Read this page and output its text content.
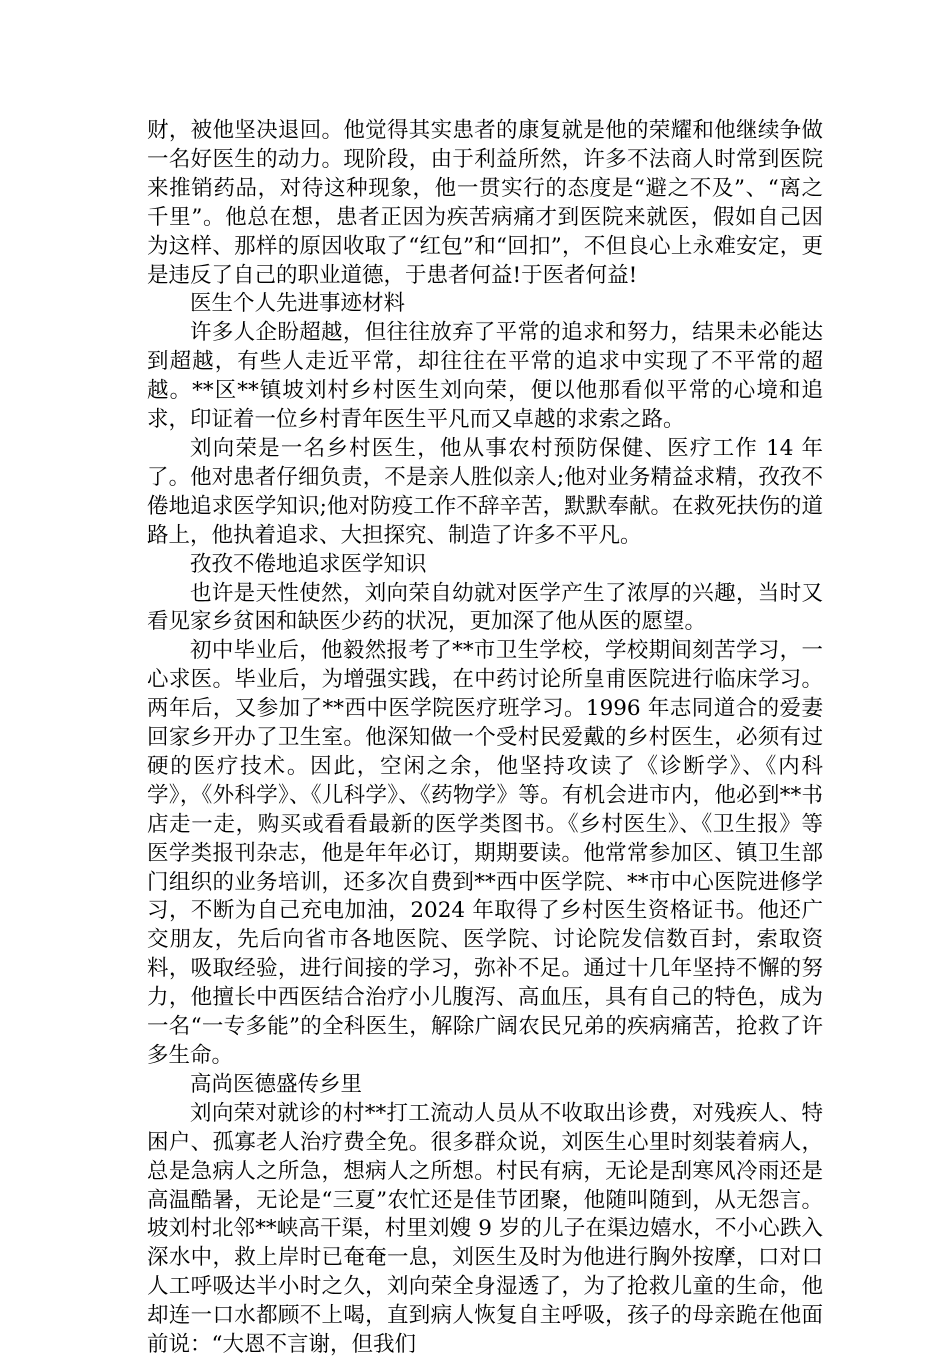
财，被他坚决退回。他觉得其实患者的康复就是他的荣耀和他继续争做一名好医生的动力。现阶段，由于利益所然，许多不法商人时常到医院来推销药品，对待这种现象，他一贯实行的态度是“避之不及”、“离之千里”。他总在想，患者正因为疾苦病痛才到医院来就医，假如自己因为这样、那样的原因收取了“红包”和“回扣”，不但良心上永难安定，更是违反了自己的职业道德，于患者何益!于医者何益!

医生个人先进事迹材料

许多人企盼超越，但往往放弃了平常的追求和努力，结果未必能达到超越，有些人走近平常，却往往在平常的追求中实现了不平常的超越。**区**镇坡刘村乡村医生刘向荣，便以他那看似平常的心境和追求，印证着一位乡村青年医生平凡而又卓越的求索之路。

刘向荣是一名乡村医生，他从事农村预防保健、医疗工作 14 年了。他对患者仔细负责，不是亲人胜似亲人;他对业务精益求精，孜孜不倦地追求医学知识;他对防疫工作不辞辛苦，默默奉献。在救死扶伤的道路上，他执着追求、大担探究、制造了许多不平凡。

孜孜不倦地追求医学知识

也许是天性使然，刘向荣自幼就对医学产生了浓厚的兴趣，当时又看见家乡贫困和缺医少药的状况，更加深了他从医的愿望。

初中毕业后，他毅然报考了**市卫生学校，学校期间刻苦学习，一心求医。毕业后，为增强实践，在中药讨论所皇甫医院进行临床学习。两年后，又参加了**西中医学院医疗班学习。1996 年志同道合的爱妻回家乡开办了卫生室。他深知做一个受村民爱戴的乡村医生，必须有过硬的医疗技术。因此，空闲之余，他坚持攻读了《诊断学》、《内科学》，《外科学》、《儿科学》、《药物学》等。有机会进市内，他必到**书店走一走，购买或看看最新的医学类图书。《乡村医生》、《卫生报》等医学类报刊杂志，他是年年必订，期期要读。他常常参加区、镇卫生部门组织的业务培训，还多次自费到**西中医学院、**市中心医院进修学习，不断为自己充电加油，2024 年取得了乡村医生资格证书。他还广交朋友，先后向省市各地医院、医学院、讨论院发信数百封，索取资料，吸取经验，进行间接的学习，弥补不足。通过十几年坚持不懈的努力，他擅长中西医结合治疗小儿腹泻、高血压，具有自己的特色，成为一名“一专多能”的全科医生，解除广阔农民兄弟的疾病痛苦，抢救了许多生命。

高尚医德盛传乡里

刘向荣对就诊的村**打工流动人员从不收取出诊费，对残疾人、特困户、孤寡老人治疗费全免。很多群众说，刘医生心里时刻装着病人，总是急病人之所急，想病人之所想。村民有病，无论是刮寒风冷雨还是高温酷暑，无论是“三夏”农忙还是佳节团聚，他随叫随到，从无怨言。坡刘村北邻**峡高干渠，村里刘嫂 9 岁的儿子在渠边嬉水，不小心跌入深水中，救上岸时已奄奄一息，刘医生及时为他进行胸外按摩，口对口人工呼吸达半小时之久，刘向荣全身湿透了，为了抢救儿童的生命，他却连一口水都顾不上喝，直到病人恢复自主呼吸，孩子的母亲跪在他面前说：“大恩不言谢，但我们
